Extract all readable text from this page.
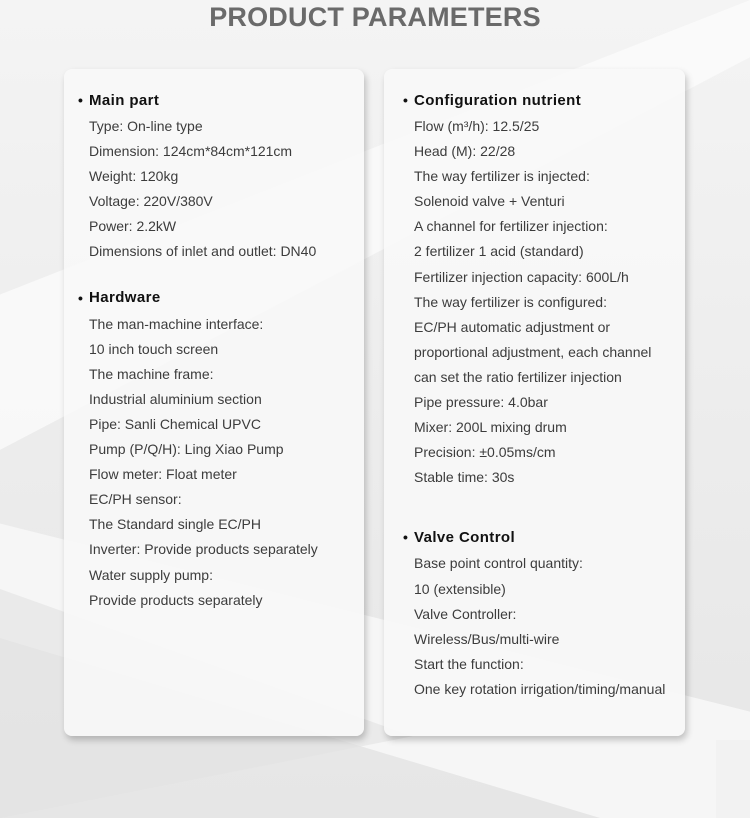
PRODUCT PARAMETERS
• Main part
Type: On-line type
Dimension: 124cm*84cm*121cm
Weight: 120kg
Voltage: 220V/380V
Power: 2.2kW
Dimensions of inlet and outlet: DN40
• Hardware
The man-machine interface:
10 inch touch screen
The machine frame:
Industrial aluminium section
Pipe: Sanli Chemical UPVC
Pump (P/Q/H): Ling Xiao Pump
Flow meter: Float meter
EC/PH sensor:
The Standard single EC/PH
Inverter: Provide products separately
Water supply pump:
Provide products separately
• Configuration nutrient
Flow (m³/h): 12.5/25
Head (M): 22/28
The way fertilizer is injected:
Solenoid valve + Venturi
A channel for fertilizer injection:
2 fertilizer 1 acid (standard)
Fertilizer injection capacity: 600L/h
The way fertilizer is configured:
EC/PH automatic adjustment or
proportional adjustment, each channel
can set the ratio fertilizer injection
Pipe pressure: 4.0bar
Mixer: 200L mixing drum
Precision: ±0.05ms/cm
Stable time: 30s
• Valve Control
Base point control quantity:
10 (extensible)
Valve Controller:
Wireless/Bus/multi-wire
Start the function:
One key rotation irrigation/timing/manual
